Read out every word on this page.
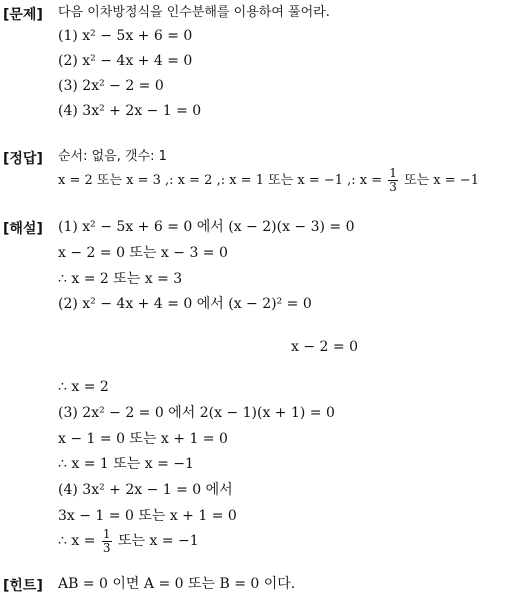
[문제] 다음 이차방정식을 인수분해를 이용하여 풀어라.
(1) x² − 5x + 6 = 0
(2) x² − 4x + 4 = 0
(3) 2x² − 2 = 0
(4) 3x² + 2x − 1 = 0
[정답] 순서: 없음, 갯수: 1
x = 2 또는 x = 3 ,: x = 2 ,: x = 1 또는 x = −1 ,: $x = \frac{1}{3}$ 또는 x = −1
[해설] (1) x² − 5x + 6 = 0 에서 (x − 2)(x − 3) = 0
x − 2 = 0 또는 x − 3 = 0
∴ x = 2 또는 x = 3
(2) x² − 4x + 4 = 0 에서 (x − 2)² = 0
x − 2 = 0
∴ x = 2
(3) 2x² − 2 = 0 에서 2(x − 1)(x + 1) = 0
x − 1 = 0 또는 x + 1 = 0
∴ x = 1 또는 x = −1
(4) 3x² + 2x − 1 = 0 에서
3x − 1 = 0 또는 x + 1 = 0
∴ $x = \frac{1}{3}$ 또는 x = −1
[힌트] AB = 0 이면 A = 0 또는 B = 0 이다.
